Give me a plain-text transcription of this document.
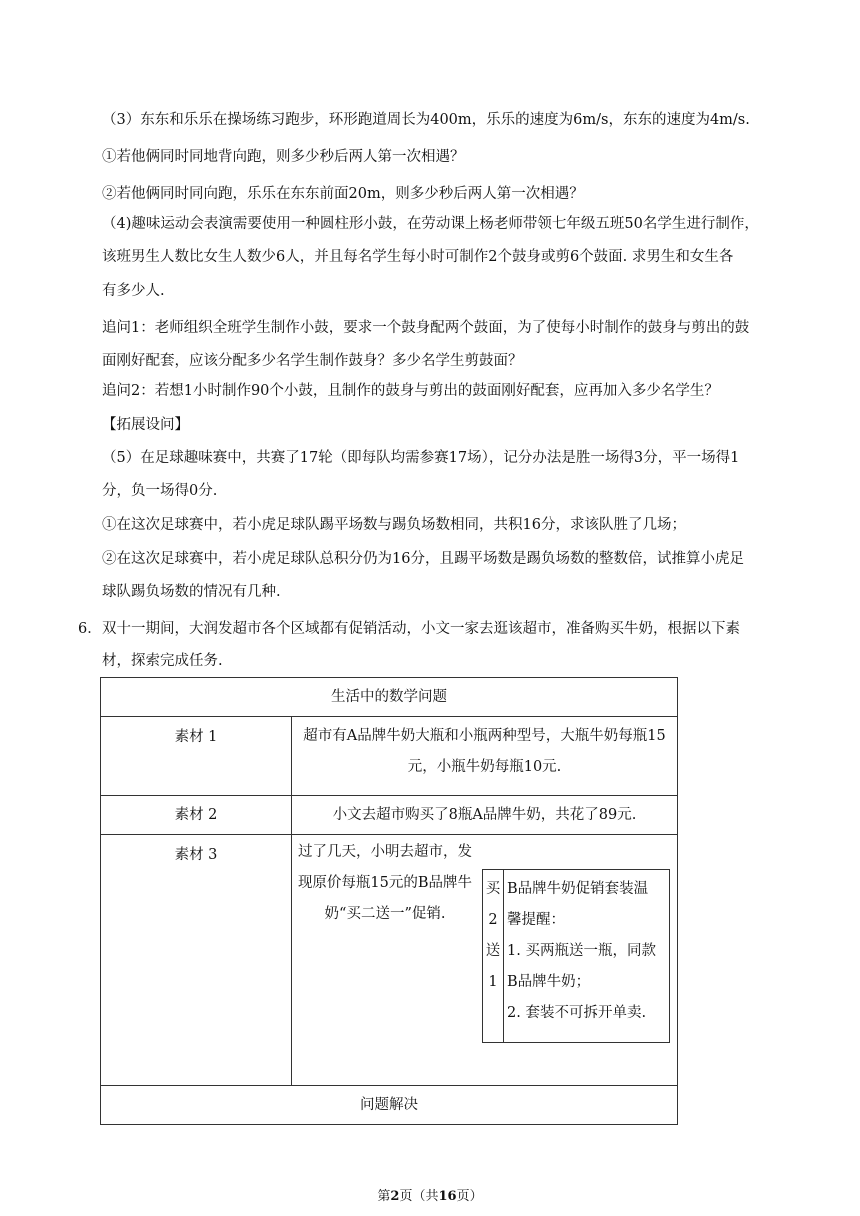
（3）东东和乐乐在操场练习跑步，环形跑道周长为400m，乐乐的速度为6m/s，东东的速度为4m/s.
①若他俩同时同地背向跑，则多少秒后两人第一次相遇？
②若他俩同时同向跑，乐乐在东东前面20m，则多少秒后两人第一次相遇？
（4)趣味运动会表演需要使用一种圆柱形小鼓，在劳动课上杨老师带领七年级五班50名学生进行制作，
该班男生人数比女生人数少6人，并且每名学生每小时可制作2个鼓身或剪6个鼓面. 求男生和女生各
有多少人.
追问1：老师组织全班学生制作小鼓，要求一个鼓身配两个鼓面，为了使每小时制作的鼓身与剪出的鼓
面刚好配套，应该分配多少名学生制作鼓身？多少名学生剪鼓面？
追问2：若想1小时制作90个小鼓，且制作的鼓身与剪出的鼓面刚好配套，应再加入多少名学生？
【拓展设问】
（5）在足球趣味赛中，共赛了17轮（即每队均需参赛17场），记分办法是胜一场得3分，平一场得1
分，负一场得0分.
①在这次足球赛中，若小虎足球队踢平场数与踢负场数相同，共积16分，求该队胜了几场；
②在这次足球赛中，若小虎足球队总积分仍为16分，且踢平场数是踢负场数的整数倍，试推算小虎足
球队踢负场数的情况有几种.
6． 双十一期间，大润发超市各个区域都有促销活动，小文一家去逛该超市，准备购买牛奶，根据以下素
材，探索完成任务.
生活中的数学问题
素材 1	超市有A品牌牛奶大瓶和小瓶两种型号，大瓶牛奶每瓶15
元，小瓶牛奶每瓶10元.

素材 2	小文去超市购买了8瓶A品牌牛奶，共花了89元.
素材 3	过了几天，小明去超市，发
现原价每瓶15元的B品牌牛
奶“买二送一”促销.
买
2
送
1

B品牌牛奶促销套装温
馨提醒：
1. 买两瓶送一瓶，同款
B品牌牛奶；
2. 套装不可拆开单卖.

问题解决
第2页（共16页）
